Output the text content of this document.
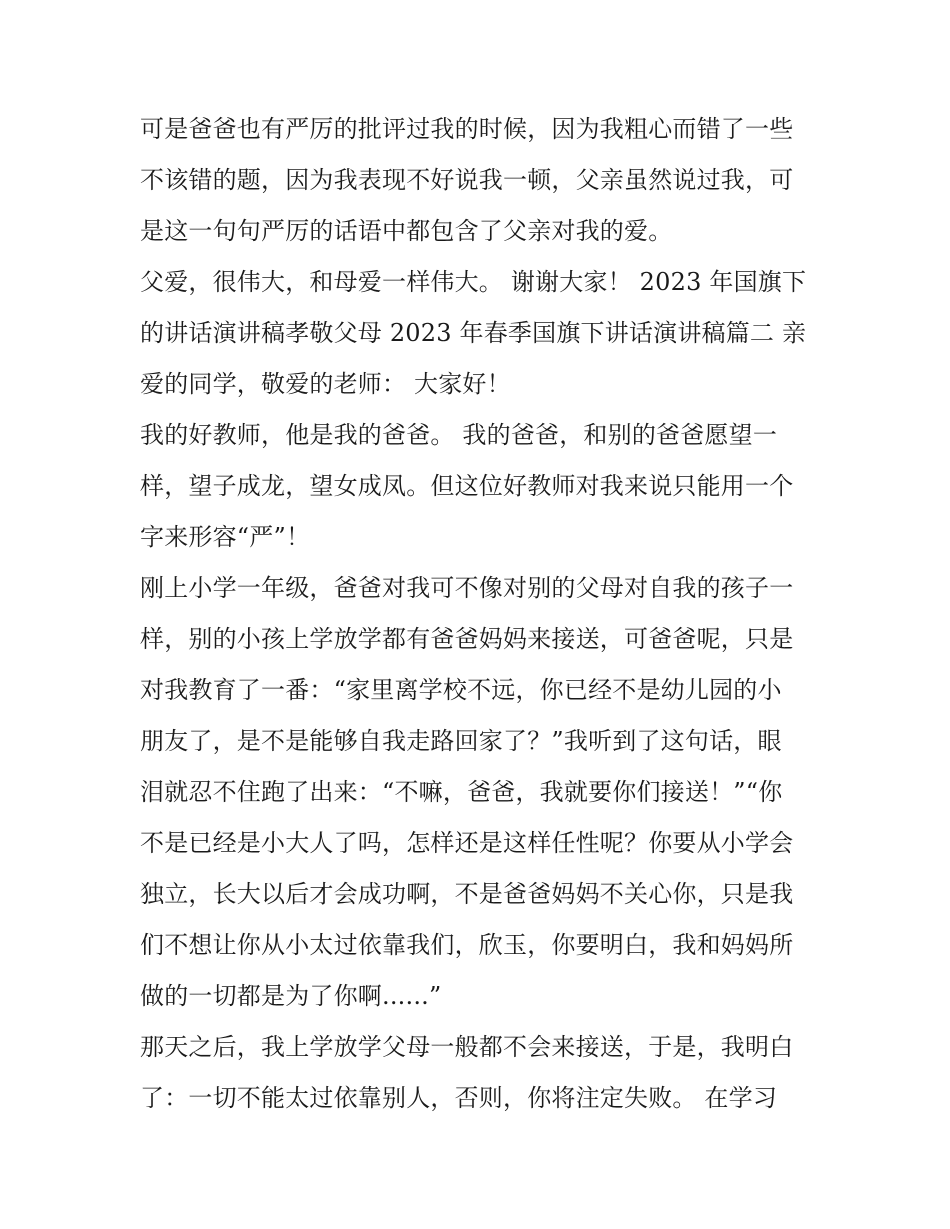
可是爸爸也有严厉的批评过我的时候，因为我粗心而错了一些
不该错的题，因为我表现不好说我一顿，父亲虽然说过我，可
是这一句句严厉的话语中都包含了父亲对我的爱。
父爱，很伟大，和母爱一样伟大。 谢谢大家！ 2023 年国旗下
的讲话演讲稿孝敬父母 2023 年春季国旗下讲话演讲稿篇二 亲
爱的同学，敬爱的老师： 大家好！
我的好教师，他是我的爸爸。 我的爸爸，和别的爸爸愿望一
样，望子成龙，望女成凤。但这位好教师对我来说只能用一个
字来形容“严”！
刚上小学一年级，爸爸对我可不像对别的父母对自我的孩子一
样，别的小孩上学放学都有爸爸妈妈来接送，可爸爸呢，只是
对我教育了一番：“家里离学校不远，你已经不是幼儿园的小
朋友了，是不是能够自我走路回家了？”我听到了这句话，眼
泪就忍不住跑了出来：“不嘛，爸爸，我就要你们接送！”“你
不是已经是小大人了吗，怎样还是这样任性呢？你要从小学会
独立，长大以后才会成功啊，不是爸爸妈妈不关心你，只是我
们不想让你从小太过依靠我们，欣玉，你要明白，我和妈妈所
做的一切都是为了你啊......”
那天之后，我上学放学父母一般都不会来接送，于是，我明白
了：一切不能太过依靠别人，否则，你将注定失败。 在学习
